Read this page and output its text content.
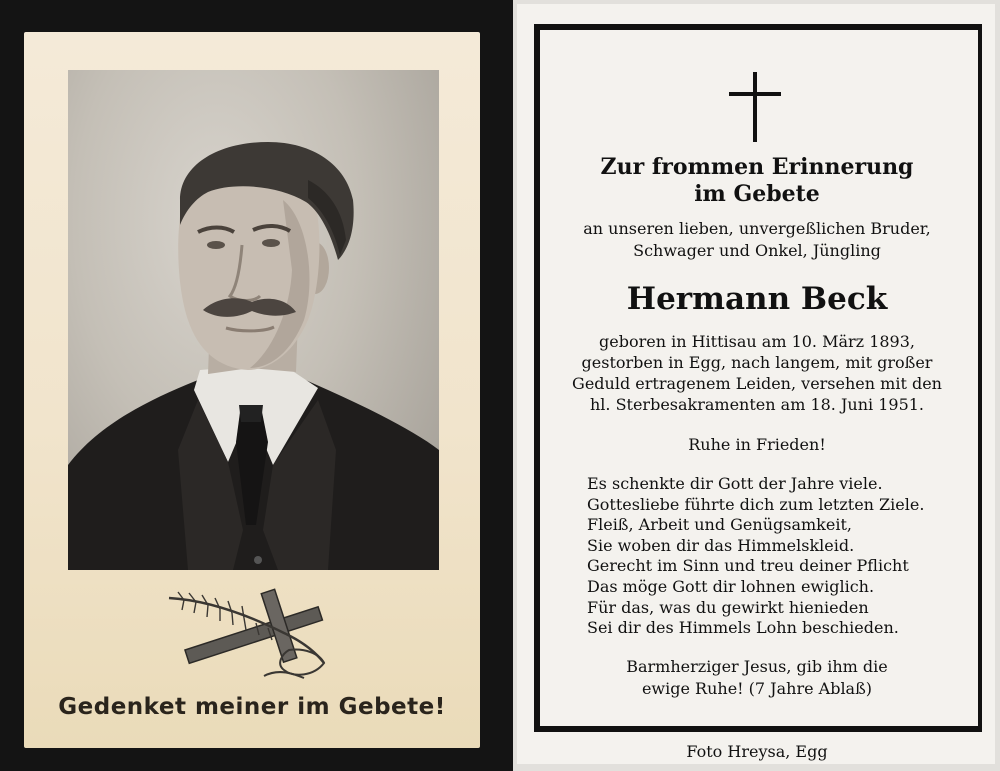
Gedenket meiner im Gebete!
Zur frommen Erinnerung
im Gebete
an unseren lieben, unvergeßlichen Bruder,
Schwager und Onkel, Jüngling
Hermann Beck
geboren in Hittisau am 10. März 1893,
gestorben in Egg, nach langem, mit großer
Geduld ertragenem Leiden, versehen mit den
hl. Sterbesakramenten am 18. Juni 1951.
Ruhe in Frieden!
Es schenkte dir Gott der Jahre viele.
Gottesliebe führte dich zum letzten Ziele.
Fleiß, Arbeit und Genügsamkeit,
Sie woben dir das Himmelskleid.
Gerecht im Sinn und treu deiner Pflicht
Das möge Gott dir lohnen ewiglich.
Für das, was du gewirkt hienieden
Sei dir des Himmels Lohn beschieden.
Barmherziger Jesus, gib ihm die
ewige Ruhe! (7 Jahre Ablaß)
Foto Hreysa, Egg
